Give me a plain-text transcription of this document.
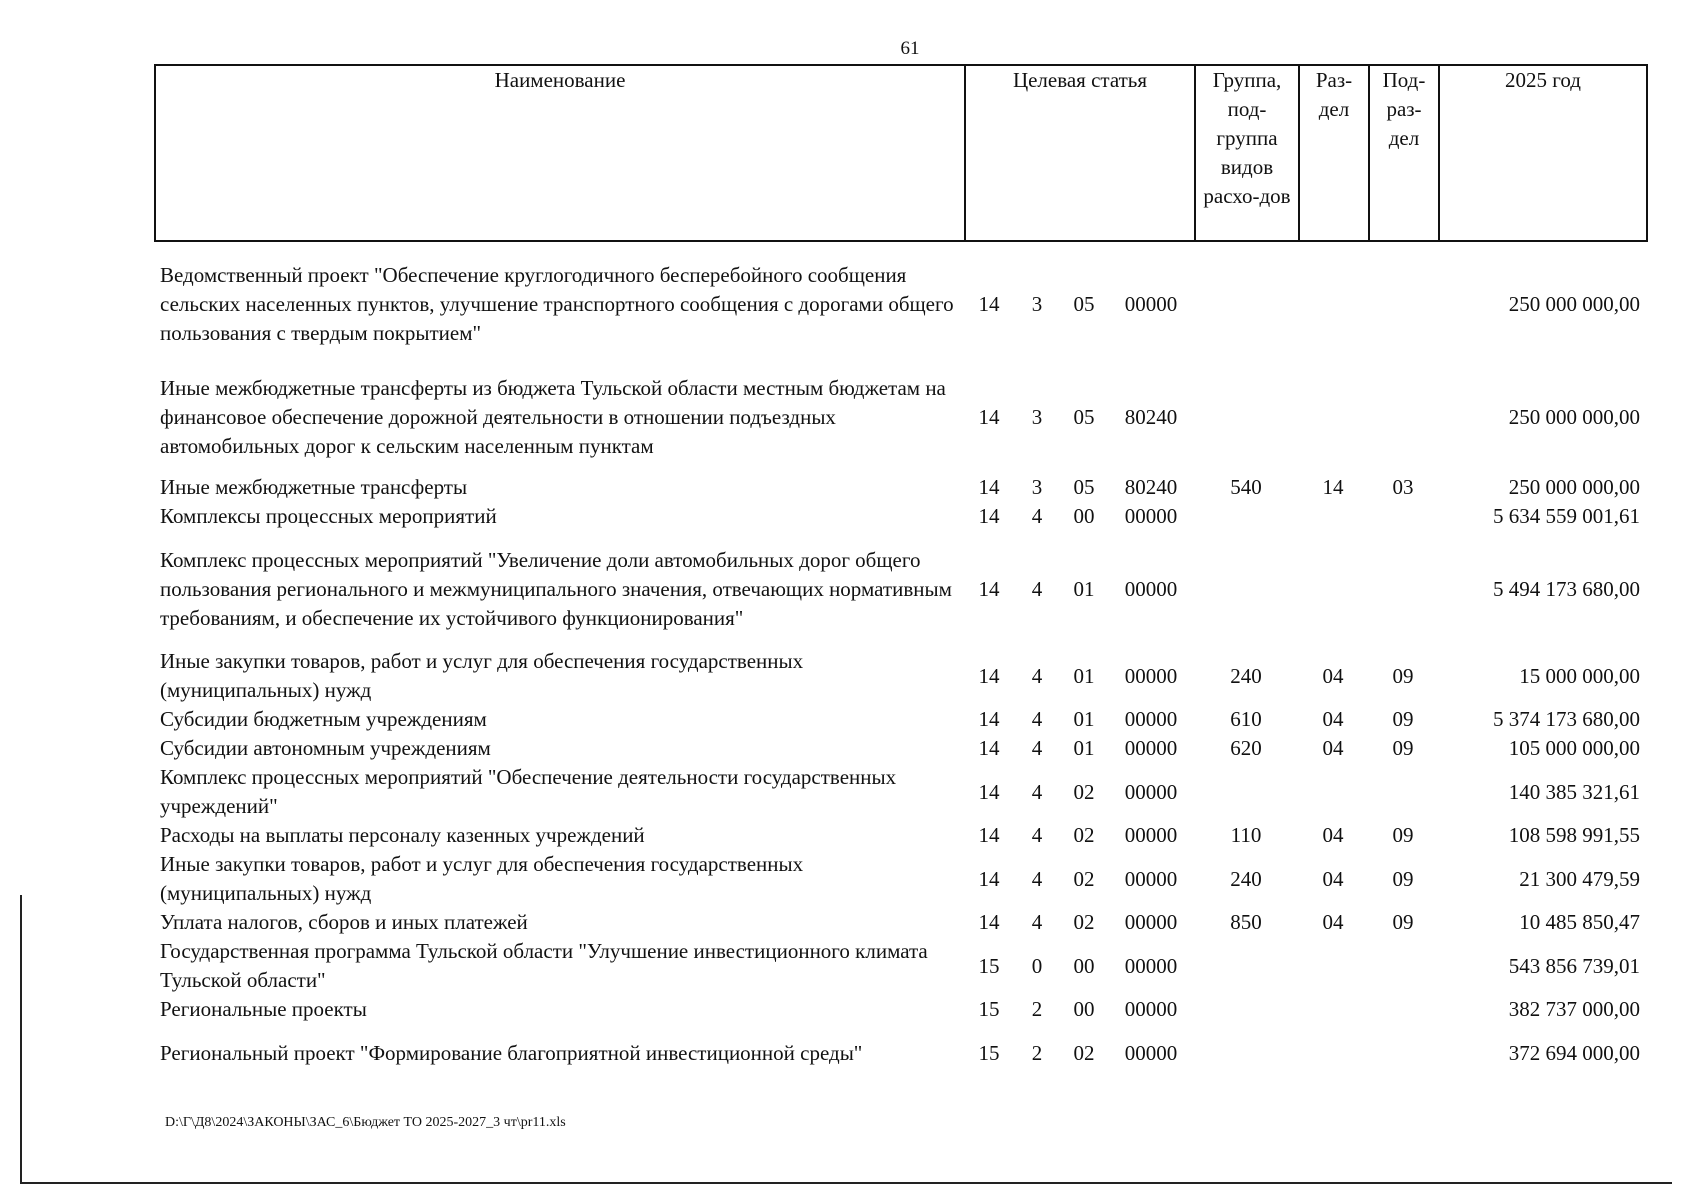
61
Наименование	Целевая статья	Группа, под-группа видов расхо-дов	Раз-дел	Под-раз-дел	2025 год
Ведомственный проект "Обеспечение круглогодичного бесперебойного сообщения сельских населенных пунктов, улучшение транспортного сообщения с дорогами общего пользования с твердым покрытием"	14	3	05	00000				250 000 000,00
Иные межбюджетные трансферты из бюджета Тульской области местным бюджетам на финансовое обеспечение дорожной деятельности в отношении подъездных автомобильных дорог к сельским населенным пунктам	14	3	05	80240				250 000 000,00
Иные межбюджетные трансферты	14	3	05	80240	540	14	03	250 000 000,00
Комплексы процессных мероприятий	14	4	00	00000				5 634 559 001,61
Комплекс процессных мероприятий "Увеличение доли автомобильных дорог общего пользования регионального и межмуниципального значения, отвечающих нормативным требованиям, и обеспечение их устойчивого функционирования"	14	4	01	00000				5 494 173 680,00
Иные закупки товаров, работ и услуг для обеспечения государственных (муниципальных) нужд	14	4	01	00000	240	04	09	15 000 000,00
Субсидии бюджетным учреждениям	14	4	01	00000	610	04	09	5 374 173 680,00
Субсидии автономным учреждениям	14	4	01	00000	620	04	09	105 000 000,00
Комплекс процессных мероприятий "Обеспечение деятельности государственных учреждений"	14	4	02	00000				140 385 321,61
Расходы на выплаты персоналу казенных учреждений	14	4	02	00000	110	04	09	108 598 991,55
Иные закупки товаров, работ и услуг для обеспечения государственных (муниципальных) нужд	14	4	02	00000	240	04	09	21 300 479,59
Уплата налогов, сборов и иных платежей	14	4	02	00000	850	04	09	10 485 850,47
Государственная программа Тульской области "Улучшение инвестиционного климата Тульской области"	15	0	00	00000				543 856 739,01
Региональные проекты	15	2	00	00000				382 737 000,00
Региональный проект "Формирование благоприятной инвестиционной среды"	15	2	02	00000				372 694 000,00
D:\Г\Д8\2024\ЗАКОНЫ\ЗАС_6\Бюджет ТО 2025-2027_3 чт\pr11.xls
